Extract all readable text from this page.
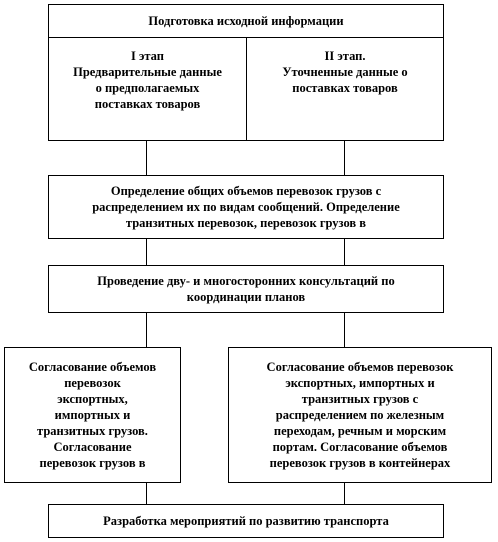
Подготовка исходной информации
I этап
Предварительные данные
о предполагаемых
поставках товаров
II этап.
Уточненные данные о
поставках товаров
Определение общих объемов перевозок грузов с
распределением их по видам сообщений. Определение
транзитных перевозок, перевозок грузов в
Проведение дву- и многосторонних консультаций по
координации планов
Согласование объемов
перевозок
экспортных,
импортных и
транзитных грузов.
Согласование
перевозок грузов в
Согласование объемов перевозок
экспортных, импортных и
транзитных грузов с
распределением по железным
переходам, речным и морским
портам. Согласование объемов
перевозок грузов в контейнерах
Разработка мероприятий по развитию транспорта
